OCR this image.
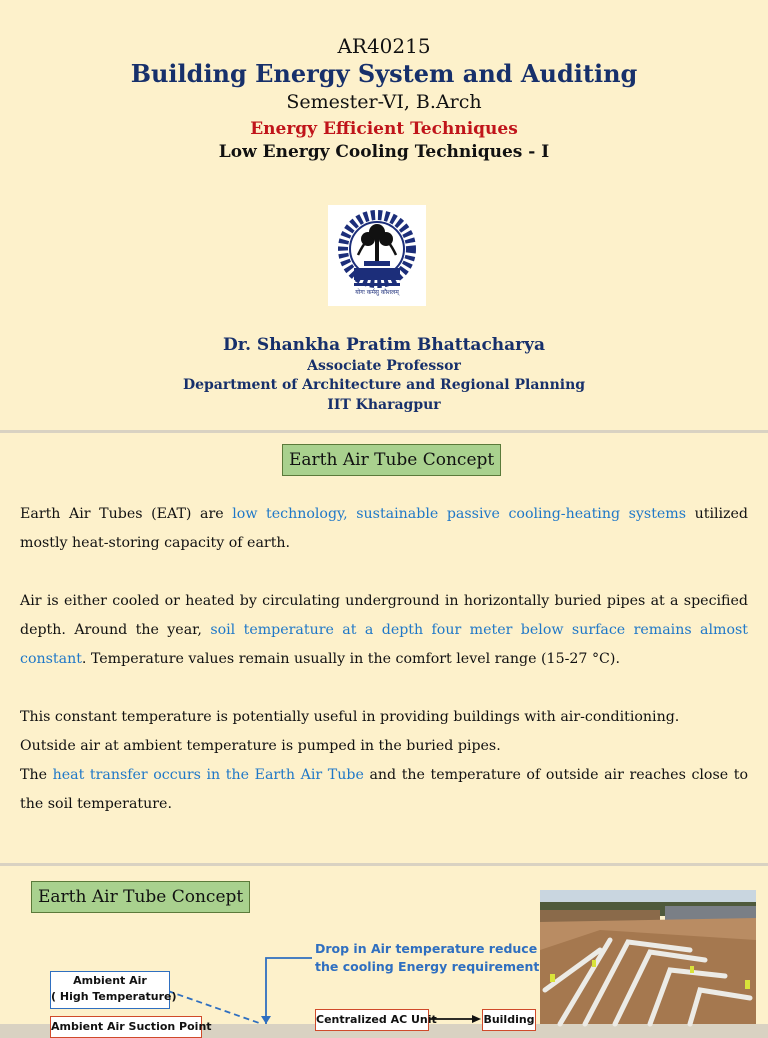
AR40215
Building Energy System and Auditing
Semester-VI, B.Arch
Energy Efficient Techniques
Low Energy Cooling Techniques - I
योगः कर्मसु कौशलम्
Dr. Shankha Pratim Bhattacharya
Associate Professor
Department of Architecture and Regional Planning
IIT Kharagpur
Earth Air Tube Concept
Earth Air Tubes (EAT) are low technology, sustainable passive cooling-heating systems utilized mostly heat-storing capacity of earth.
Air is either cooled or heated by circulating underground in horizontally buried pipes at a specified depth. Around the year, soil temperature at a depth four meter below surface remains almost constant. Temperature values remain usually in the comfort level range (15-27 °C).
This constant temperature is potentially useful in providing buildings with air-conditioning.
Outside air at ambient temperature is pumped in the buried pipes.
The heat transfer occurs in the Earth Air Tube and the temperature of outside air reaches close to the soil temperature.
Earth Air Tube Concept
Drop in Air temperature reduce
the cooling Energy requirement
Ambient Air
( High Temperature)
Ambient Air Suction Point
Centralized AC Unit	Building
